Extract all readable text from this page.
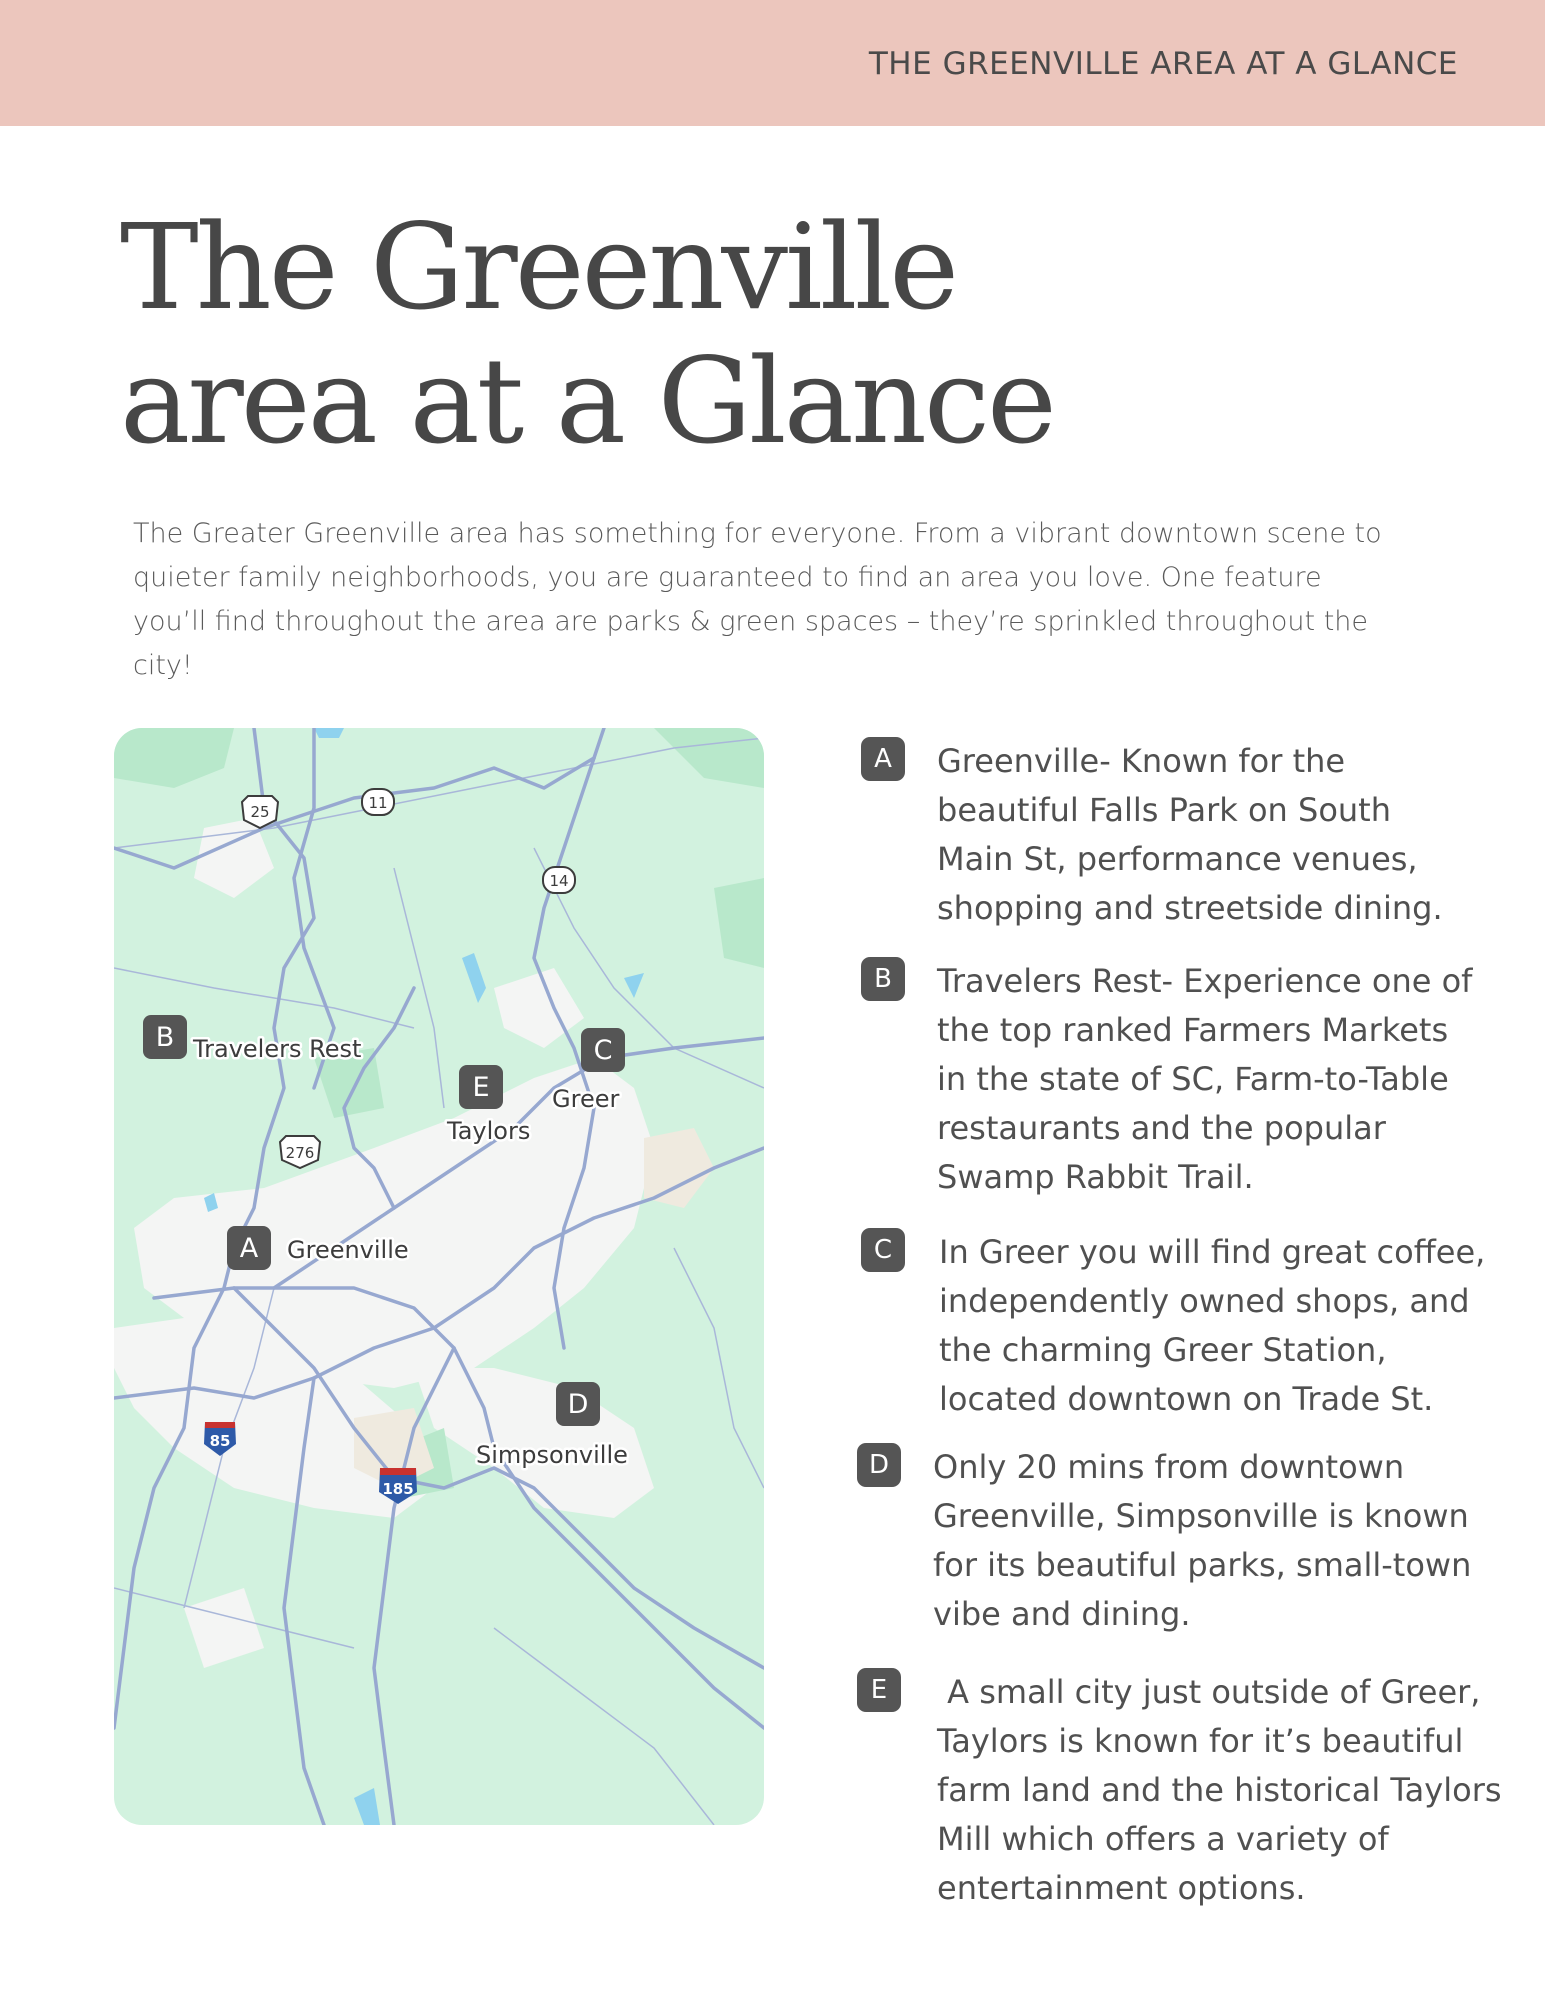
THE GREENVILLE AREA AT A GLANCE
The Greenville
area at a Glance

The Greater Greenville area has something for everyone. From a vibrant downtown scene to quieter family neighborhoods, you are guaranteed to find an area you love. One feature you’ll find throughout the area are parks & green spaces – they’re sprinkled throughout the city!

25	11
14
276
85
185
A Greenville
B Travelers Rest	C
Greer
D
Simpsonville
E
Taylors
A	Greenville- Known for the
beautiful Falls Park on South
Main St, performance venues,
shopping and streetside dining.

B	Travelers Rest- Experience one of
the top ranked Farmers Markets
in the state of SC, Farm-to-Table
restaurants and the popular
Swamp Rabbit Trail.

C	In Greer you will find great coffee,
independently owned shops, and
the charming Greer Station,
located downtown on Trade St.

D	Only 20 mins from downtown
Greenville, Simpsonville is known
for its beautiful parks, small-town
vibe and dining.

E	A small city just outside of Greer,
Taylors is known for it’s beautiful
farm land and the historical Taylors
Mill which offers a variety of
entertainment options.
